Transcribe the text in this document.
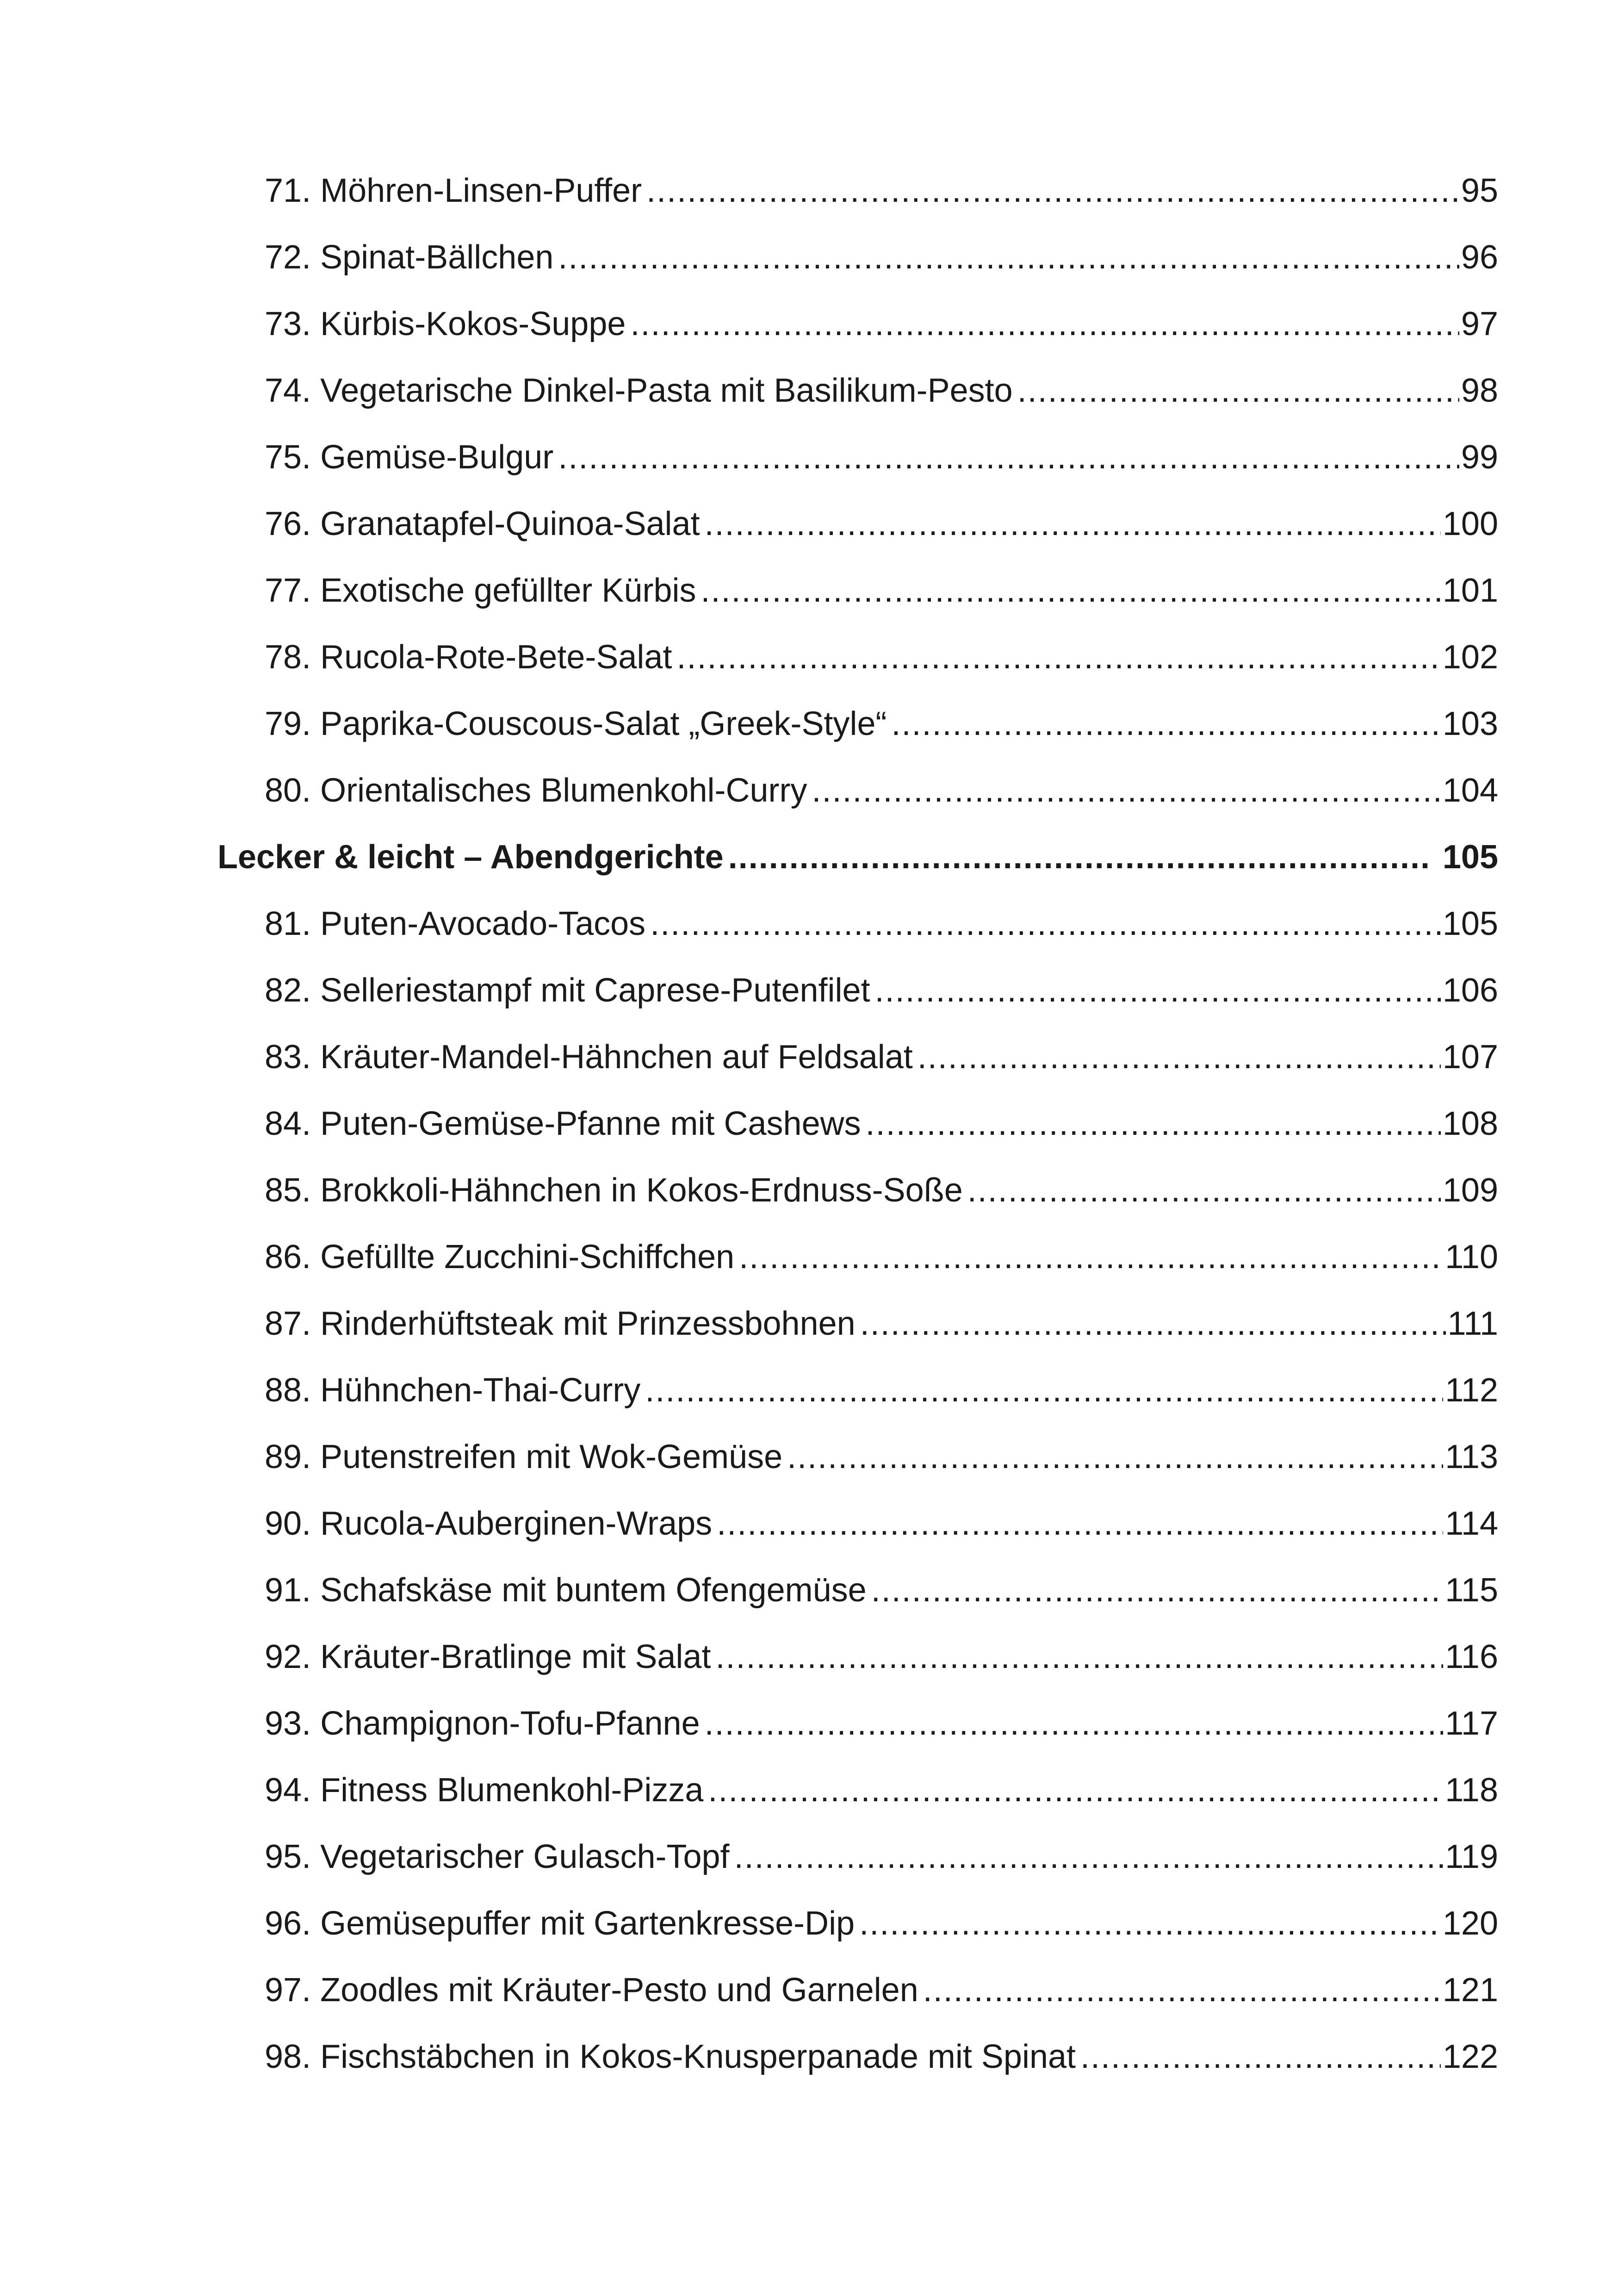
71. Möhren-Linsen-Puffer .....	95
72. Spinat-Bällchen .....	96
73. Kürbis-Kokos-Suppe .....	97
74. Vegetarische Dinkel-Pasta mit Basilikum-Pesto .....	98
75. Gemüse-Bulgur .....	99
76. Granatapfel-Quinoa-Salat .....	100
77. Exotische gefüllter Kürbis .....	101
78. Rucola-Rote-Bete-Salat .....	102
79. Paprika-Couscous-Salat „Greek-Style“ .....	103
80. Orientalisches Blumenkohl-Curry .....	104
Lecker & leicht – Abendgerichte .....	105
81. Puten-Avocado-Tacos .....	105
82. Selleriestampf mit Caprese-Putenfilet .....	106
83. Kräuter-Mandel-Hähnchen auf Feldsalat .....	107
84. Puten-Gemüse-Pfanne mit Cashews .....	108
85. Brokkoli-Hähnchen in Kokos-Erdnuss-Soße .....	109
86. Gefüllte Zucchini-Schiffchen .....	110
87. Rinderhüftsteak mit Prinzessbohnen .....	111
88. Hühnchen-Thai-Curry .....	112
89. Putenstreifen mit Wok-Gemüse .....	113
90. Rucola-Auberginen-Wraps .....	114
91. Schafskäse mit buntem Ofengemüse .....	115
92. Kräuter-Bratlinge mit Salat .....	116
93. Champignon-Tofu-Pfanne .....	117
94. Fitness Blumenkohl-Pizza .....	118
95. Vegetarischer Gulasch-Topf .....	119
96. Gemüsepuffer mit Gartenkresse-Dip .....	120
97. Zoodles mit Kräuter-Pesto und Garnelen .....	121
98. Fischstäbchen in Kokos-Knusperpanade mit Spinat .....	122
